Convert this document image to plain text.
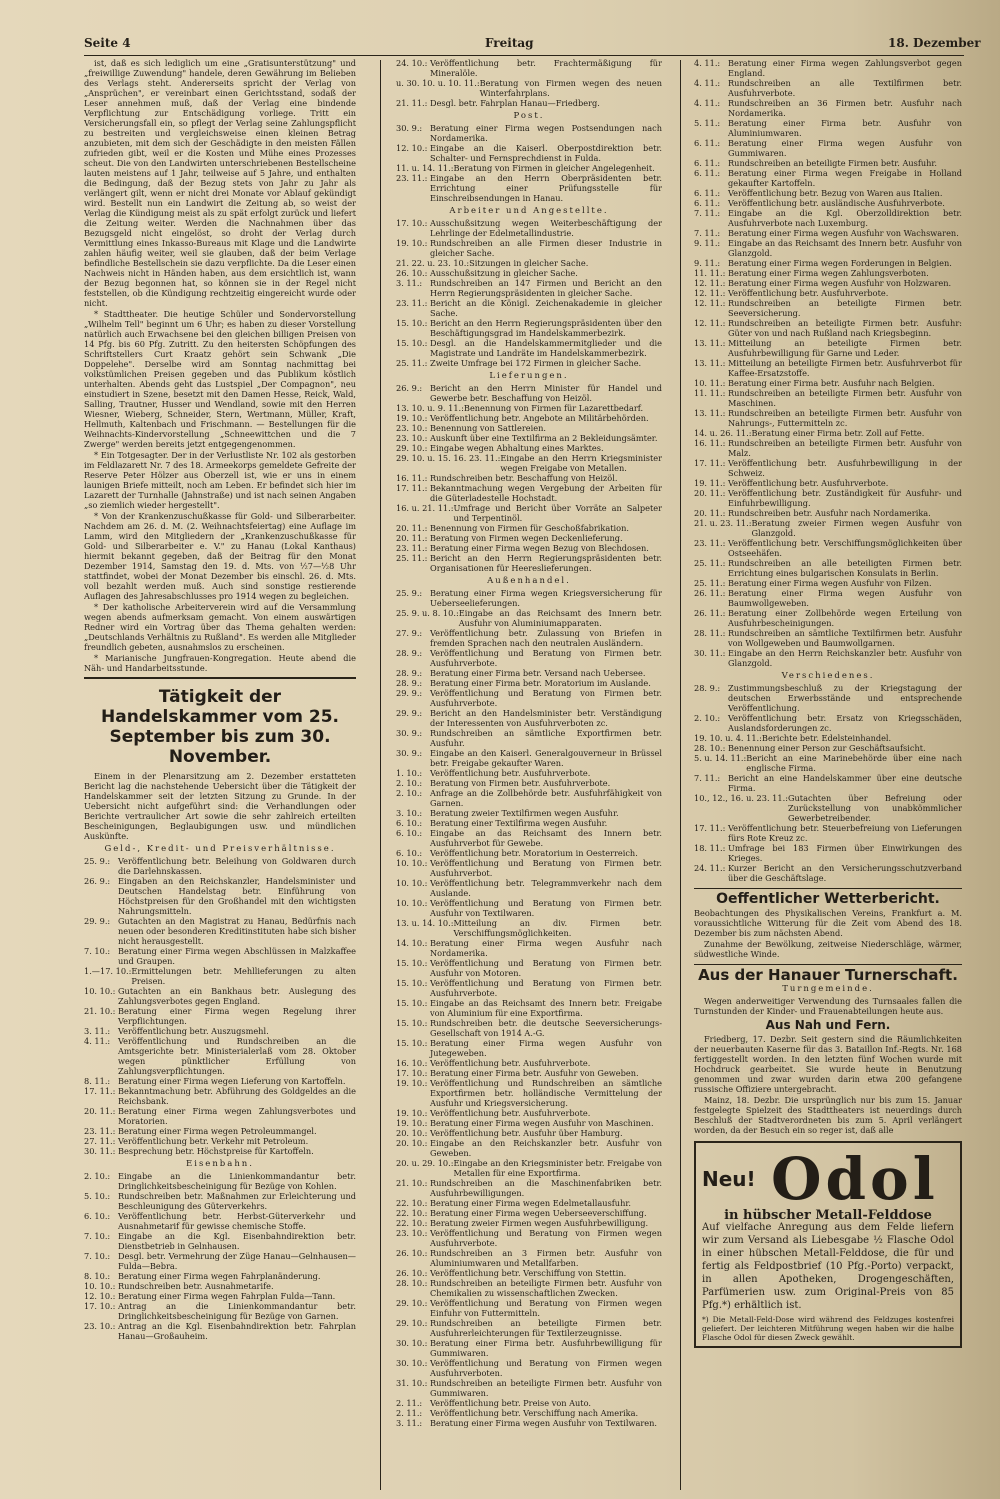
Seite 4	Freitag	18. Dezember

ist, daß es sich lediglich um eine „Gratisunterstützung" und „freiwillige Zuwendung" handele, deren Gewährung im Belieben des Verlags steht. Andererseits spricht der Verlag von „Ansprüchen", er vereinbart einen Gerichtsstand, sodaß der Leser annehmen muß, daß der Verlag eine bindende Verpflichtung zur Entschädigung vorliege. Tritt ein Versicherungsfall ein, so pflegt der Verlag seine Zahlungspflicht zu bestreiten und vergleichsweise einen kleinen Betrag anzubieten, mit dem sich der Geschädigte in den meisten Fällen zufrieden gibt, weil er die Kosten und Mühe eines Prozesses scheut. Die von den Landwirten unterschriebenen Bestellscheine lauten meistens auf 1 Jahr, teilweise auf 5 Jahre, und enthalten die Bedingung, daß der Bezug stets von Jahr zu Jahr als verlängert gilt, wenn er nicht drei Monate vor Ablauf gekündigt wird. Bestellt nun ein Landwirt die Zeitung ab, so weist der Verlag die Kündigung meist als zu spät erfolgt zurück und liefert die Zeitung weiter. Werden die Nachnahmen über das Bezugsgeld nicht eingelöst, so droht der Verlag durch Vermittlung eines Inkasso-Bureaus mit Klage und die Landwirte zahlen häufig weiter, weil sie glauben, daß der beim Verlage befindliche Bestellschein sie dazu verpflichte. Da die Leser einen Nachweis nicht in Händen haben, aus dem ersichtlich ist, wann der Bezug begonnen hat, so können sie in der Regel nicht feststellen, ob die Kündigung rechtzeitig eingereicht wurde oder nicht.

* Stadttheater. Die heutige Schüler und Sondervorstellung „Wilhelm Tell" beginnt um 6 Uhr; es haben zu dieser Vorstellung natürlich auch Erwachsene bei den gleichen billigen Preisen von 14 Pfg. bis 60 Pfg. Zutritt. Zu den heitersten Schöpfungen des Schriftstellers Curt Kraatz gehört sein Schwank „Die Doppelehe". Derselbe wird am Sonntag nachmittag bei volkstümlichen Preisen gegeben und das Publikum köstlich unterhalten. Abends geht das Lustspiel „Der Compagnon", neu einstudiert in Szene, besetzt mit den Damen Hesse, Reick, Wald, Salling, Trautner, Husser und Wendland, sowie mit den Herren Wiesner, Wieberg, Schneider, Stern, Wertmann, Müller, Kraft, Hellmuth, Kaltenbach und Frischmann. — Bestellungen für die Weihnachts-Kindervorstellung „Schneewittchen und die 7 Zwerge" werden bereits jetzt entgegengenommen.

* Ein Totgesagter. Der in der Verlustliste Nr. 102 als gestorben im Feldlazarett Nr. 7 des 18. Armeekorps gemeldete Gefreite der Reserve Peter Hölzer aus Oberzell ist, wie er uns in einem launigen Briefe mitteilt, noch am Leben. Er befindet sich hier im Lazarett der Turnhalle (Jahnstraße) und ist nach seinen Angaben „so ziemlich wieder hergestellt".

* Von der Krankenzuschußkasse für Gold- und Silberarbeiter. Nachdem am 26. d. M. (2. Weihnachtsfeiertag) eine Auflage im Lamm, wird den Mitgliedern der „Krankenzuschußkasse für Gold- und Silberarbeiter e. V." zu Hanau (Lokal Kanthaus) hiermit bekannt gegeben, daß der Beitrag für den Monat Dezember 1914, Samstag den 19. d. Mts. von ½7—½8 Uhr stattfindet, wobei der Monat Dezember bis einschl. 26. d. Mts. voll bezahlt werden muß. Auch sind sonstige restierende Auflagen des Jahresabschlusses pro 1914 wegen zu begleichen.

* Der katholische Arbeiterverein wird auf die Versammlung wegen abends aufmerksam gemacht. Von einem auswärtigen Redner wird ein Vortrag über das Thema gehalten werden: „Deutschlands Verhältnis zu Rußland". Es werden alle Mitglieder freundlich gebeten, ausnahmslos zu erscheinen.

* Marianische Jungfrauen-Kongregation. Heute abend die Näh- und Handarbeitsstunde.

Tätigkeit der Handelskammer vom 25. September bis zum 30. November.

Einem in der Plenarsitzung am 2. Dezember erstatteten Bericht lag die nachstehende Uebersicht über die Tätigkeit der Handelskammer seit der letzten Sitzung zu Grunde. In der Uebersicht nicht aufgeführt sind: die Verhandlungen oder Berichte vertraulicher Art sowie die sehr zahlreich erteilten Bescheinigungen, Beglaubigungen usw. und mündlichen Auskünfte.

Geld-, Kredit- und Preisverhältnisse.
25. 9.: Veröffentlichung betr. Beleihung von Goldwaren durch die Darlehnskassen.
26. 9.: Eingaben an den Reichskanzler, Handelsminister und Deutschen Handelstag betr. Einführung von Höchstpreisen für den Großhandel mit den wichtigsten Nahrungsmitteln.
29. 9.: Gutachten an den Magistrat zu Hanau, Bedürfnis nach neuen oder besonderen Kreditinstituten habe sich bisher nicht herausgestellt.
7. 10.: Beratung einer Firma wegen Abschlüssen in Malzkaffee und Graupen.
1.—17. 10.: Ermittelungen betr. Mehllieferungen zu alten Preisen.
10. 10.: Gutachten an ein Bankhaus betr. Auslegung des Zahlungsverbotes gegen England.
21. 10.: Beratung einer Firma wegen Regelung ihrer Verpflichtungen.
3. 11.: Veröffentlichung betr. Auszugsmehl.
4. 11.: Veröffentlichung und Rundschreiben an die Amtsgerichte betr. Ministerialerlaß vom 28. Oktober wegen pünktlicher Erfüllung von Zahlungsverpflichtungen.
8. 11.: Beratung einer Firma wegen Lieferung von Kartoffeln.
17. 11.: Bekanntmachung betr. Abführung des Goldgeldes an die Reichsbank.
20. 11.: Beratung einer Firma wegen Zahlungsverbotes und Moratorien.
23. 11.: Beratung einer Firma wegen Petroleummangel.
27. 11.: Veröffentlichung betr. Verkehr mit Petroleum.
30. 11.: Besprechung betr. Höchstpreise für Kartoffeln.
Eisenbahn.
2. 10.: Eingabe an die Linienkommandantur betr. Dringlichkeitsbescheinigung für Bezüge von Kohlen.
5. 10.: Rundschreiben betr. Maßnahmen zur Erleichterung und Beschleunigung des Güterverkehrs.
6. 10.: Veröffentlichung betr. Herbst-Güterverkehr und Ausnahmetarif für gewisse chemische Stoffe.
7. 10.: Eingabe an die Kgl. Eisenbahndirektion betr. Dienstbetrieb in Gelnhausen.
7. 10.: Desgl. betr. Vermehrung der Züge Hanau—Gelnhausen—Fulda—Bebra.
8. 10.: Beratung einer Firma wegen Fahrplanänderung.
10. 10.: Rundschreiben betr. Ausnahmetarife.
12. 10.: Beratung einer Firma wegen Fahrplan Fulda—Tann.
17. 10.: Antrag an die Linienkommandantur betr. Dringlichkeitsbescheinigung für Bezüge von Garnen.
23. 10.: Antrag an die Kgl. Eisenbahndirektion betr. Fahrplan Hanau—Großauheim.
24. 10.: Veröffentlichung betr. Frachtermäßigung für Mineralöle.
u. 30. 10. u. 10. 11.: Beratung von Firmen wegen des neuen Winterfahrplans.
21. 11.: Desgl. betr. Fahrplan Hanau—Friedberg.
Post.
30. 9.: Beratung einer Firma wegen Postsendungen nach Nordamerika.
12. 10.: Eingabe an die Kaiserl. Oberpostdirektion betr. Schalter- und Fernsprechdienst in Fulda.
11. u. 14. 11.: Beratung von Firmen in gleicher Angelegenheit.
23. 11.: Eingabe an den Herrn Oberpräsidenten betr. Errichtung einer Prüfungsstelle für Einschreibsendungen in Hanau.
Arbeiter und Angestellte.
17. 10.: Ausschußsitzung wegen Weiterbeschäftigung der Lehrlinge der Edelmetallindustrie.
19. 10.: Rundschreiben an alle Firmen dieser Industrie in gleicher Sache.
21. 22. u. 23. 10.: Sitzungen in gleicher Sache.
26. 10.: Ausschußsitzung in gleicher Sache.
3. 11.: Rundschreiben an 147 Firmen und Bericht an den Herrn Regierungspräsidenten in gleicher Sache.
23. 11.: Bericht an die Königl. Zeichenakademie in gleicher Sache.
15. 10.: Bericht an den Herrn Regierungspräsidenten über den Beschäftigungsgrad im Handelskammerbezirk.
15. 10.: Desgl. an die Handelskammermitglieder und die Magistrate und Landräte im Handelskammerbezirk.
25. 11.: Zweite Umfrage bei 172 Firmen in gleicher Sache.
Lieferungen.
26. 9.: Bericht an den Herrn Minister für Handel und Gewerbe betr. Beschaffung von Heizöl.
13. 10. u. 9. 11.: Benennung von Firmen für Lazarettbedarf.
19. 10.: Veröffentlichung betr. Angebote an Militärbehörden.
23. 10.: Benennung von Sattlereien.
23. 10.: Auskunft über eine Textilfirma an 2 Bekleidungsämter.
29. 10.: Eingabe wegen Abhaltung eines Marktes.
29. 10. u. 15. 16. 23. 11.: Eingabe an den Herrn Kriegsminister wegen Freigabe von Metallen.
16. 11.: Rundschreiben betr. Beschaffung von Heizöl.
17. 11.: Bekanntmachung wegen Vergebung der Arbeiten für die Güterladestelle Hochstadt.
16. u. 21. 11.: Umfrage und Bericht über Vorräte an Salpeter und Terpentinöl.
20. 11.: Benennung von Firmen für Geschoßfabrikation.
20. 11.: Beratung von Firmen wegen Deckenlieferung.
23. 11.: Beratung einer Firma wegen Bezug von Blechdosen.
25. 11.: Bericht an den Herrn Regierungspräsidenten betr. Organisationen für Heereslieferungen.
Außenhandel.
25. 9.: Beratung einer Firma wegen Kriegsversicherung für Ueberseelieferungen.
25. 9. u. 8. 10.: Eingabe an das Reichsamt des Innern betr. Ausfuhr von Aluminiumapparaten.
27. 9.: Veröffentlichung betr. Zulassung von Briefen in fremden Sprachen nach den neutralen Ausländern.
28. 9.: Veröffentlichung und Beratung von Firmen betr. Ausfuhrverbote.
28. 9.: Beratung einer Firma betr. Versand nach Uebersee.
28. 9.: Beratung einer Firma betr. Moratorium im Auslande.
29. 9.: Veröffentlichung und Beratung von Firmen betr. Ausfuhrverbote.
29. 9.: Bericht an den Handelsminister betr. Verständigung der Interessenten von Ausfuhrverboten zc.
30. 9.: Rundschreiben an sämtliche Exportfirmen betr. Ausfuhr.
30. 9.: Eingabe an den Kaiserl. Generalgouverneur in Brüssel betr. Freigabe gekaufter Waren.
1. 10.: Veröffentlichung betr. Ausfuhrverbote.
2. 10.: Beratung von Firmen betr. Ausfuhrverbote.
2. 10.: Anfrage an die Zollbehörde betr. Ausfuhrfähigkeit von Garnen.
3. 10.: Beratung zweier Textilfirmen wegen Ausfuhr.
6. 10.: Beratung einer Textilfirma wegen Ausfuhr.
6. 10.: Eingabe an das Reichsamt des Innern betr. Ausfuhrverbot für Gewebe.
6. 10.: Veröffentlichung betr. Moratorium in Oesterreich.
10. 10.: Veröffentlichung und Beratung von Firmen betr. Ausfuhrverbot.
10. 10.: Veröffentlichung betr. Telegrammverkehr nach dem Auslande.
10. 10.: Veröffentlichung und Beratung von Firmen betr. Ausfuhr von Textilwaren.
13. u. 14. 10.: Mitteilung an div. Firmen betr. Verschiffungsmöglichkeiten.
14. 10.: Beratung einer Firma wegen Ausfuhr nach Nordamerika.
15. 10.: Veröffentlichung und Beratung von Firmen betr. Ausfuhr von Motoren.
15. 10.: Veröffentlichung und Beratung von Firmen betr. Ausfuhrverbote.
15. 10.: Eingabe an das Reichsamt des Innern betr. Freigabe von Aluminium für eine Exportfirma.
15. 10.: Rundschreiben betr. die deutsche Seeversicherungs-Gesellschaft von 1914 A.-G.
15. 10.: Beratung einer Firma wegen Ausfuhr von Jutegeweben.
16. 10.: Veröffentlichung betr. Ausfuhrverbote.
17. 10.: Beratung einer Firma betr. Ausfuhr von Geweben.
19. 10.: Veröffentlichung und Rundschreiben an sämtliche Exportfirmen betr. holländische Vermittelung der Ausfuhr und Kriegsversicherung.
19. 10.: Veröffentlichung betr. Ausfuhrverbote.
19. 10.: Beratung einer Firma wegen Ausfuhr von Maschinen.
20. 10.: Veröffentlichung betr. Ausfuhr über Hamburg.
20. 10.: Eingabe an den Reichskanzler betr. Ausfuhr von Geweben.
20. u. 29. 10.: Eingabe an den Kriegsminister betr. Freigabe von Metallen für eine Exportfirma.
21. 10.: Rundschreiben an die Maschinenfabriken betr. Ausfuhrbewilligungen.
22. 10.: Beratung einer Firma wegen Edelmetallausfuhr.
22. 10.: Beratung einer Firma wegen Ueberseeverschiffung.
22. 10.: Beratung zweier Firmen wegen Ausfuhrbewilligung.
23. 10.: Veröffentlichung und Beratung von Firmen wegen Ausfuhrverbote.
26. 10.: Rundschreiben an 3 Firmen betr. Ausfuhr von Aluminiumwaren und Metallfarben.
26. 10.: Veröffentlichung betr. Verschiffung von Stettin.
28. 10.: Rundschreiben an beteiligte Firmen betr. Ausfuhr von Chemikalien zu wissenschaftlichen Zwecken.
29. 10.: Veröffentlichung und Beratung von Firmen wegen Einfuhr von Futtermitteln.
29. 10.: Rundschreiben an beteiligte Firmen betr. Ausfuhrerleichterungen für Textilerzeugnisse.
30. 10.: Beratung einer Firma betr. Ausfuhrbewilligung für Gummiwaren.
30. 10.: Veröffentlichung und Beratung von Firmen wegen Ausfuhrverboten.
31. 10.: Rundschreiben an beteiligte Firmen betr. Ausfuhr von Gummiwaren.
2. 11.: Veröffentlichung betr. Preise von Auto.
2. 11.: Veröffentlichung betr. Verschiffung nach Amerika.
3. 11.: Beratung einer Firma wegen Ausfuhr von Textilwaren.
4. 11.: Beratung einer Firma wegen Zahlungsverbot gegen England.
4. 11.: Rundschreiben an alle Textilfirmen betr. Ausfuhrverbote.
4. 11.: Rundschreiben an 36 Firmen betr. Ausfuhr nach Nordamerika.
5. 11.: Beratung einer Firma betr. Ausfuhr von Aluminiumwaren.
6. 11.: Beratung einer Firma wegen Ausfuhr von Gummiwaren.
6. 11.: Rundschreiben an beteiligte Firmen betr. Ausfuhr.
6. 11.: Beratung einer Firma wegen Freigabe in Holland gekaufter Kartoffeln.
6. 11.: Veröffentlichung betr. Bezug von Waren aus Italien.
6. 11.: Veröffentlichung betr. ausländische Ausfuhrverbote.
7. 11.: Eingabe an die Kgl. Oberzolldirektion betr. Ausfuhrverbote nach Luxemburg.
7. 11.: Beratung einer Firma wegen Ausfuhr von Wachswaren.
9. 11.: Eingabe an das Reichsamt des Innern betr. Ausfuhr von Glanzgold.
9. 11.: Beratung einer Firma wegen Forderungen in Belgien.
11. 11.: Beratung einer Firma wegen Zahlungsverboten.
12. 11.: Beratung einer Firma wegen Ausfuhr von Holzwaren.
12. 11.: Veröffentlichung betr. Ausfuhrverbote.
12. 11.: Rundschreiben an beteiligte Firmen betr. Seeversicherung.
12. 11.: Rundschreiben an beteiligte Firmen betr. Ausfuhr: Güter von und nach Rußland nach Kriegsbeginn.
13. 11.: Mitteilung an beteiligte Firmen betr. Ausfuhrbewilligung für Garne und Leder.
13. 11.: Mitteilung an beteiligte Firmen betr. Ausfuhrverbot für Kaffee-Ersatzstoffe.
10. 11.: Beratung einer Firma betr. Ausfuhr nach Belgien.
11. 11.: Rundschreiben an beteiligte Firmen betr. Ausfuhr von Maschinen.
13. 11.: Rundschreiben an beteiligte Firmen betr. Ausfuhr von Nahrungs-, Futtermitteln zc.
14. u. 26. 11.: Beratung einer Firma betr. Zoll auf Fette.
16. 11.: Rundschreiben an beteiligte Firmen betr. Ausfuhr von Malz.
17. 11.: Veröffentlichung betr. Ausfuhrbewilligung in der Schweiz.
19. 11.: Veröffentlichung betr. Ausfuhrverbote.
20. 11.: Veröffentlichung betr. Zuständigkeit für Ausfuhr- und Einfuhrbewilligung.
20. 11.: Rundschreiben betr. Ausfuhr nach Nordamerika.
21. u. 23. 11.: Beratung zweier Firmen wegen Ausfuhr von Glanzgold.
23. 11.: Veröffentlichung betr. Verschiffungsmöglichkeiten über Ostseehäfen.
25. 11.: Rundschreiben an alle beteiligten Firmen betr. Errichtung eines bulgarischen Konsulats in Berlin.
25. 11.: Beratung einer Firma wegen Ausfuhr von Filzen.
26. 11.: Beratung einer Firma wegen Ausfuhr von Baumwollgeweben.
26. 11.: Beratung einer Zollbehörde wegen Erteilung von Ausfuhrbescheinigungen.
28. 11.: Rundschreiben an sämtliche Textilfirmen betr. Ausfuhr von Wollgeweben und Baumwollgarnen.
30. 11.: Eingabe an den Herrn Reichskanzler betr. Ausfuhr von Glanzgold.
Verschiedenes.
28. 9.: Zustimmungsbeschluß zu der Kriegstagung der deutschen Erwerbsstände und entsprechende Veröffentlichung.
2. 10.: Veröffentlichung betr. Ersatz von Kriegsschäden, Auslandsforderungen zc.
19. 10. u. 4. 11.: Berichte betr. Edelsteinhandel.
28. 10.: Benennung einer Person zur Geschäftsaufsicht.
5. u. 14. 11.: Bericht an eine Marinebehörde über eine nach englische Firma.
7. 11.: Bericht an eine Handelskammer über eine deutsche Firma.
10., 12., 16. u. 23. 11.: Gutachten über Befreiung oder Zurückstellung von unabkömmlicher Gewerbetreibender.
17. 11.: Veröffentlichung betr. Steuerbefreiung von Lieferungen fürs Rote Kreuz zc.
18. 11.: Umfrage bei 183 Firmen über Einwirkungen des Krieges.
24. 11.: Kurzer Bericht an den Versicherungsschutzverband über die Geschäftslage.
Oeffentlicher Wetterbericht.

Beobachtungen des Physikalischen Vereins, Frankfurt a. M. voraussichtliche Witterung für die Zeit vom Abend des 18. Dezember bis zum nächsten Abend.

Zunahme der Bewölkung, zeitweise Niederschläge, wärmer, südwestliche Winde.

Aus der Hanauer Turnerschaft.
Turngemeinde.

Wegen anderweitiger Verwendung des Turnsaales fallen die Turnstunden der Kinder- und Frauenabteilungen heute aus.

Aus Nah und Fern.

Friedberg, 17. Dezbr. Seit gestern sind die Räumlichkeiten der neuerbauten Kaserne für das 3. Bataillon Inf.-Regts. Nr. 168 fertiggestellt worden. In den letzten fünf Wochen wurde mit Hochdruck gearbeitet. Sie wurde heute in Benutzung genommen und zwar wurden darin etwa 200 gefangene russische Offiziere untergebracht.

Mainz, 18. Dezbr. Die ursprünglich nur bis zum 15. Januar festgelegte Spielzeit des Stadttheaters ist neuerdings durch Beschluß der Stadtverordneten bis zum 5. April verlängert worden, da der Besuch ein so reger ist, daß alle

Neu! Odol
in hübscher Metall-Felddose
Auf vielfache Anregung aus dem Felde liefern wir zum Versand als Liebesgabe ½ Flasche Odol in einer hübschen Metall-Felddose, die für und fertig als Feldpostbrief (10 Pfg.-Porto) verpackt, in allen Apotheken, Drogengeschäften, Parfümerien usw. zum Original-Preis von 85 Pfg.*) erhältlich ist.
*) Die Metall-Feld-Dose wird während des Feldzuges kostenfrei geliefert. Der leichteren Mitführung wegen haben wir die halbe Flasche Odol für diesen Zweck gewählt.
